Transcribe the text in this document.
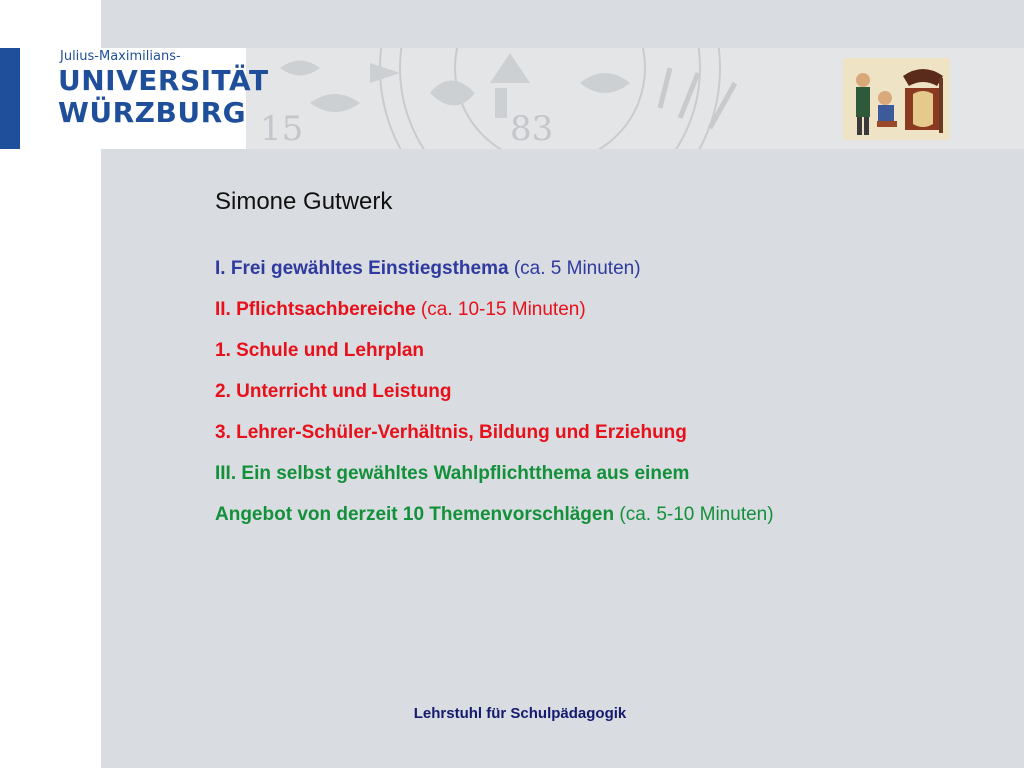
Julius-Maximilians-
UNIVERSITÄT
WÜRZBURG 15	83
Simone Gutwerk
I. Frei gewähltes Einstiegsthema (ca. 5 Minuten)
II. Pflichtsachbereiche (ca. 10-15 Minuten)
1. Schule und Lehrplan
2. Unterricht und Leistung
3. Lehrer-Schüler-Verhältnis, Bildung und Erziehung
III. Ein selbst gewähltes Wahlpflichtthema aus einem
Angebot von derzeit 10 Themenvorschlägen (ca. 5-10 Minuten)
Lehrstuhl für Schulpädagogik
